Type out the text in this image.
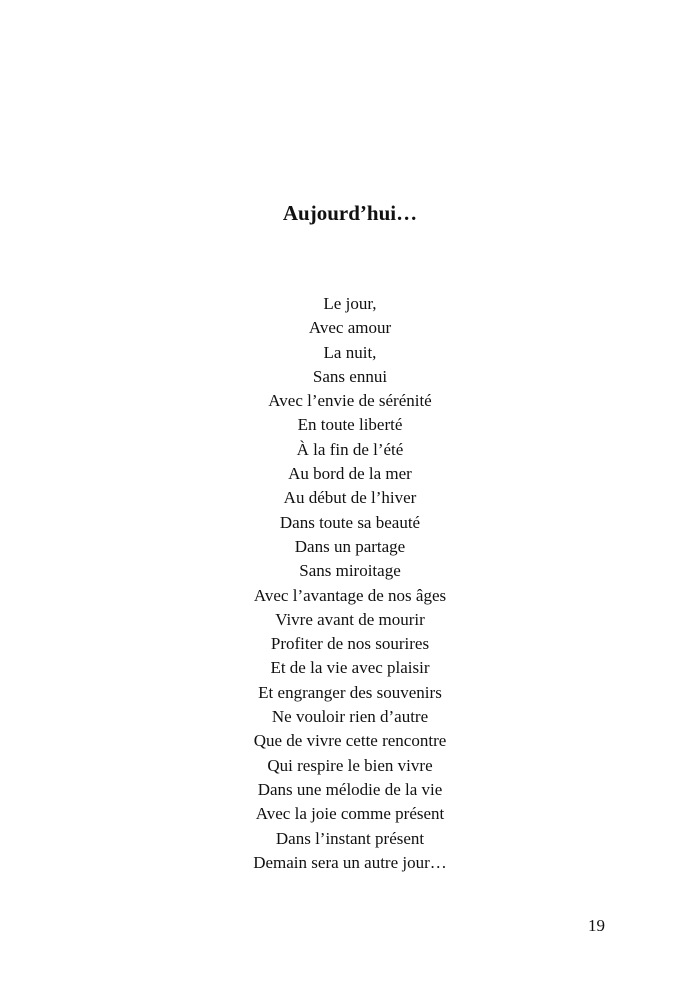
Aujourd’hui…
Le jour,
Avec amour
La nuit,
Sans ennui
Avec l’envie de sérénité
En toute liberté
À la fin de l’été
Au bord de la mer
Au début de l’hiver
Dans toute sa beauté
Dans un partage
Sans miroitage
Avec l’avantage de nos âges
Vivre avant de mourir
Profiter de nos sourires
Et de la vie avec plaisir
Et engranger des souvenirs
Ne vouloir rien d’autre
Que de vivre cette rencontre
Qui respire le bien vivre
Dans une mélodie de la vie
Avec la joie comme présent
Dans l’instant présent
Demain sera un autre jour…
19
